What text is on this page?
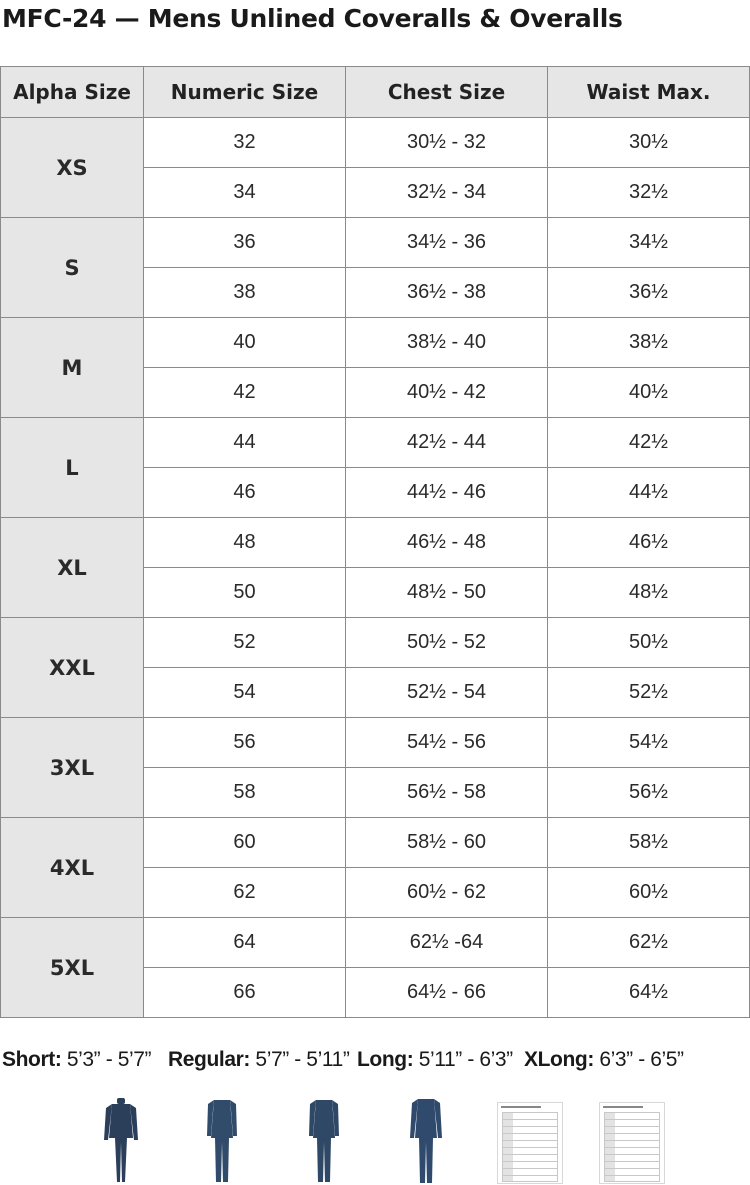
MFC-24 — Mens Unlined Coveralls & Overalls
Alpha Size	Numeric Size	Chest Size	Waist Max.
XS	32	30½ - 32	30½
	34	32½ - 34	32½
S	36	34½ - 36	34½
	38	36½ - 38	36½
M	40	38½ - 40	38½
	42	40½ - 42	40½
L	44	42½ - 44	42½
	46	44½ - 46	44½
XL	48	46½ - 48	46½
	50	48½ - 50	48½
XXL	52	50½ - 52	50½
	54	52½ - 54	52½
3XL	56	54½ - 56	54½
	58	56½ - 58	56½
4XL	60	58½ - 60	58½
	62	60½ - 62	60½
5XL	64	62½ -64	62½
	66	64½ - 66	64½
Short: 5’3” - 5’7” Regular: 5’7” - 5’11” Long: 5’11” - 6’3” XLong: 6’3” - 6’5”
